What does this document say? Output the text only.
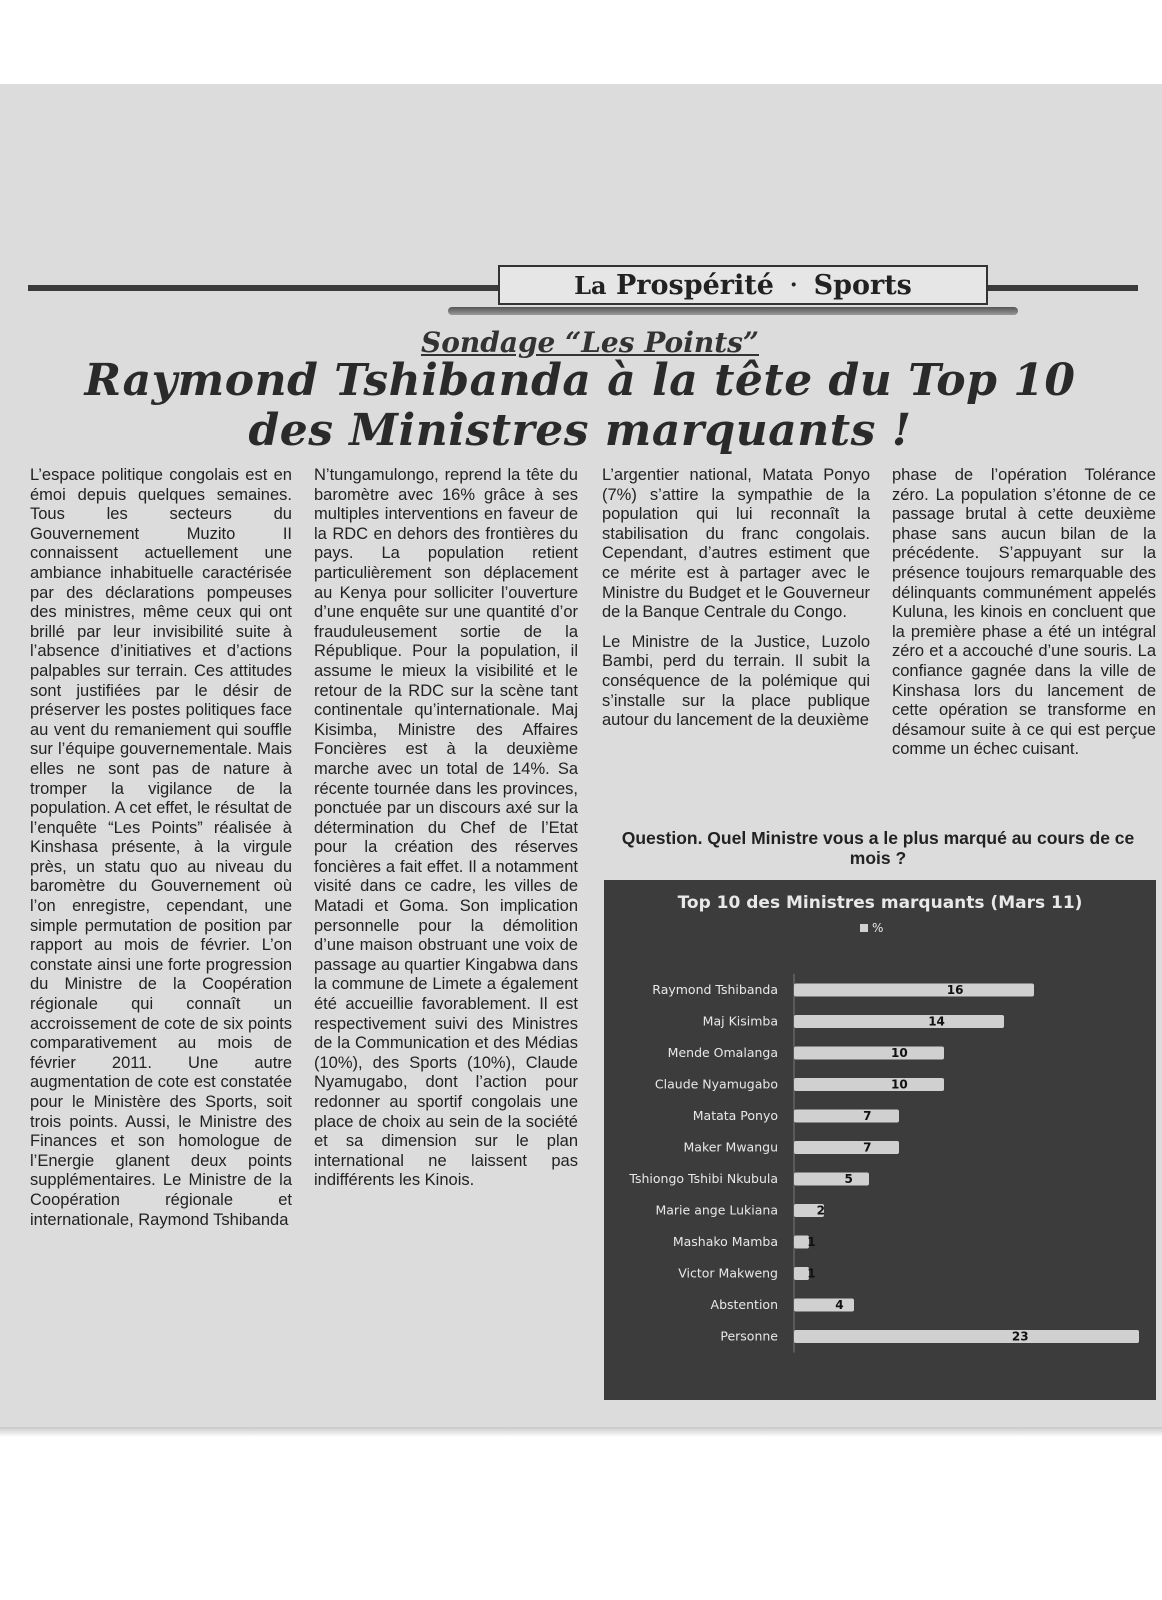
La Prospérité · Sports
Sondage “Les Points”
Raymond Tshibanda à la tête du Top 10
des Ministres marquants !

L’espace politique congolais est en émoi depuis quelques semaines. Tous les secteurs du Gouvernement Muzito II connaissent actuellement une ambiance inhabituelle caractérisée par des déclarations pompeuses des ministres, même ceux qui ont brillé par leur invisibilité suite à l’absence d’initiatives et d’actions palpables sur terrain. Ces attitudes sont justifiées par le désir de préserver les postes politiques face au vent du remaniement qui souffle sur l’équipe gouvernementale. Mais elles ne sont pas de nature à tromper la vigilance de la population. A cet effet, le résultat de l’enquête “Les Points” réalisée à Kinshasa présente, à la virgule près, un statu quo au niveau du baromètre du Gouvernement où l’on enregistre, cependant, une simple permutation de position par rapport au mois de février. L’on constate ainsi une forte progression du Ministre de la Coopération régionale qui connaît un accroissement de cote de six points comparativement au mois de février 2011. Une autre augmentation de cote est constatée pour le Ministère des Sports, soit trois points. Aussi, le Ministre des Finances et son homologue de l’Energie glanent deux points supplémentaires. Le Ministre de la Coopération régionale et internationale, Raymond Tshibanda

N’tungamulongo, reprend la tête du baromètre avec 16% grâce à ses multiples interventions en faveur de la RDC en dehors des frontières du pays. La population retient particulièrement son déplacement au Kenya pour solliciter l’ouverture d’une enquête sur une quantité d’or frauduleusement sortie de la République. Pour la population, il assume le mieux la visibilité et le retour de la RDC sur la scène tant continentale qu’internationale. Maj Kisimba, Ministre des Affaires Foncières est à la deuxième marche avec un total de 14%. Sa récente tournée dans les provinces, ponctuée par un discours axé sur la détermination du Chef de l’Etat pour la création des réserves foncières a fait effet. Il a notamment visité dans ce cadre, les villes de Matadi et Goma. Son implication personnelle pour la démolition d’une maison obstruant une voix de passage au quartier Kingabwa dans la commune de Limete a également été accueillie favorablement. Il est respectivement suivi des Ministres de la Communication et des Médias (10%), des Sports (10%), Claude Nyamugabo, dont l’action pour redonner au sportif congolais une place de choix au sein de la société et sa dimension sur le plan international ne laissent pas indifférents les Kinois.

L’argentier national, Matata Ponyo (7%) s’attire la sympathie de la population qui lui reconnaît la stabilisation du franc congolais. Cependant, d’autres estiment que ce mérite est à partager avec le Ministre du Budget et le Gouverneur de la Banque Centrale du Congo.

Le Ministre de la Justice, Luzolo Bambi, perd du terrain. Il subit la conséquence de la polémique qui s’installe sur la place publique autour du lancement de la deuxième

phase de l’opération Tolérance zéro. La population s’étonne de ce passage brutal à cette deuxième phase sans aucun bilan de la précédente. S’appuyant sur la présence toujours remarquable des délinquants communément appelés Kuluna, les kinois en concluent que la première phase a été un intégral zéro et a accouché d’une souris. La confiance gagnée dans la ville de Kinshasa lors du lancement de cette opération se transforme en désamour suite à ce qui est perçue comme un échec cuisant.

Question. Quel Ministre vous a le plus marqué au cours de ce mois ?
Top 10 des Ministres marquants (Mars 11)
%
Raymond Tshibanda	16
Maj Kisimba	14
Mende Omalanga	10
Claude Nyamugabo	10
Matata Ponyo	7
Maker Mwangu	7
Tshiongo Tshibi Nkubula	5
Marie ange Lukiana	2
Mashako Mamba 1
Victor Makweng 1
Abstention	4
Personne	23
